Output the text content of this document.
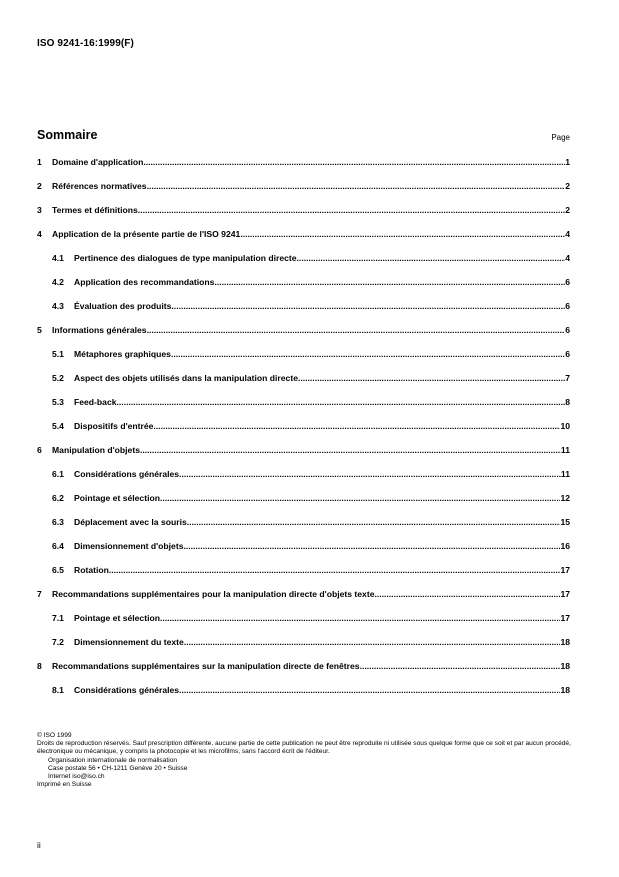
ISO 9241-16:1999(F)
Sommaire	Page
1	Domaine d'application .....	1
2	Références normatives .....	2
3	Termes et définitions .....	2
4	Application de la présente partie de l'ISO 9241 .....	4
4.1	Pertinence des dialogues de type manipulation directe .....	4
4.2	Application des recommandations .....	6
4.3	Évaluation des produits .....	6
5	Informations générales .....	6
5.1	Métaphores graphiques .....	6
5.2	Aspect des objets utilisés dans la manipulation directe .....	7
5.3	Feed-back .....	8
5.4	Dispositifs d'entrée .....	10
6	Manipulation d'objets .....	11
6.1	Considérations générales .....	11
6.2	Pointage et sélection .....	12
6.3	Déplacement avec la souris .....	15
6.4	Dimensionnement d'objets .....	16
6.5	Rotation .....	17
7	Recommandations supplémentaires pour la manipulation directe d'objets texte .....	17
7.1	Pointage et sélection .....	17
7.2	Dimensionnement du texte .....	18
8	Recommandations supplémentaires sur la manipulation directe de fenêtres .....	18
8.1	Considérations générales .....	18

© ISO 1999

Droits de reproduction réservés. Sauf prescription différente, aucune partie de cette publication ne peut être reproduite ni utilisée sous quelque forme que ce soit et par aucun procédé, électronique ou mécanique, y compris la photocopie et les microfilms, sans l'accord écrit de l'éditeur.

Organisation internationale de normalisation
Case postale 56 • CH-1211 Genève 20 • Suisse
Internet iso@iso.ch

Imprimé en Suisse

ii
